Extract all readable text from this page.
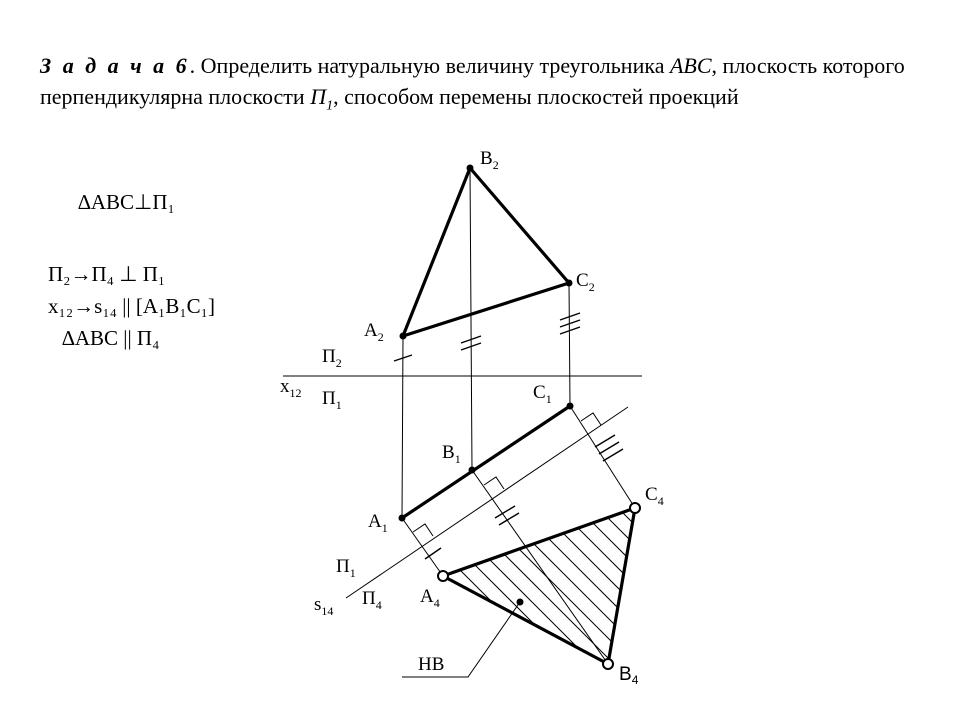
З а д а ч а 6. Определить натуральную величину треугольника ABC, плоскость которого перпендикулярна плоскости $П_1$, способом перемены плоскостей проекций
∆ABC⊥П₁
П₂→П₄ ⊥ П₁
x₁₂→s₁₄ || [A₁B₁C₁]
∆ABC || П₄
$B_2$
$C_2$
$A_2$
$П_2$
$x_{12}$ $П_1$
$C_1$
$B_1$
$A_1$
$C_4$
$П_1$
$A_4$
$s_{14}$
$П_4$
НВ	$B_4$
